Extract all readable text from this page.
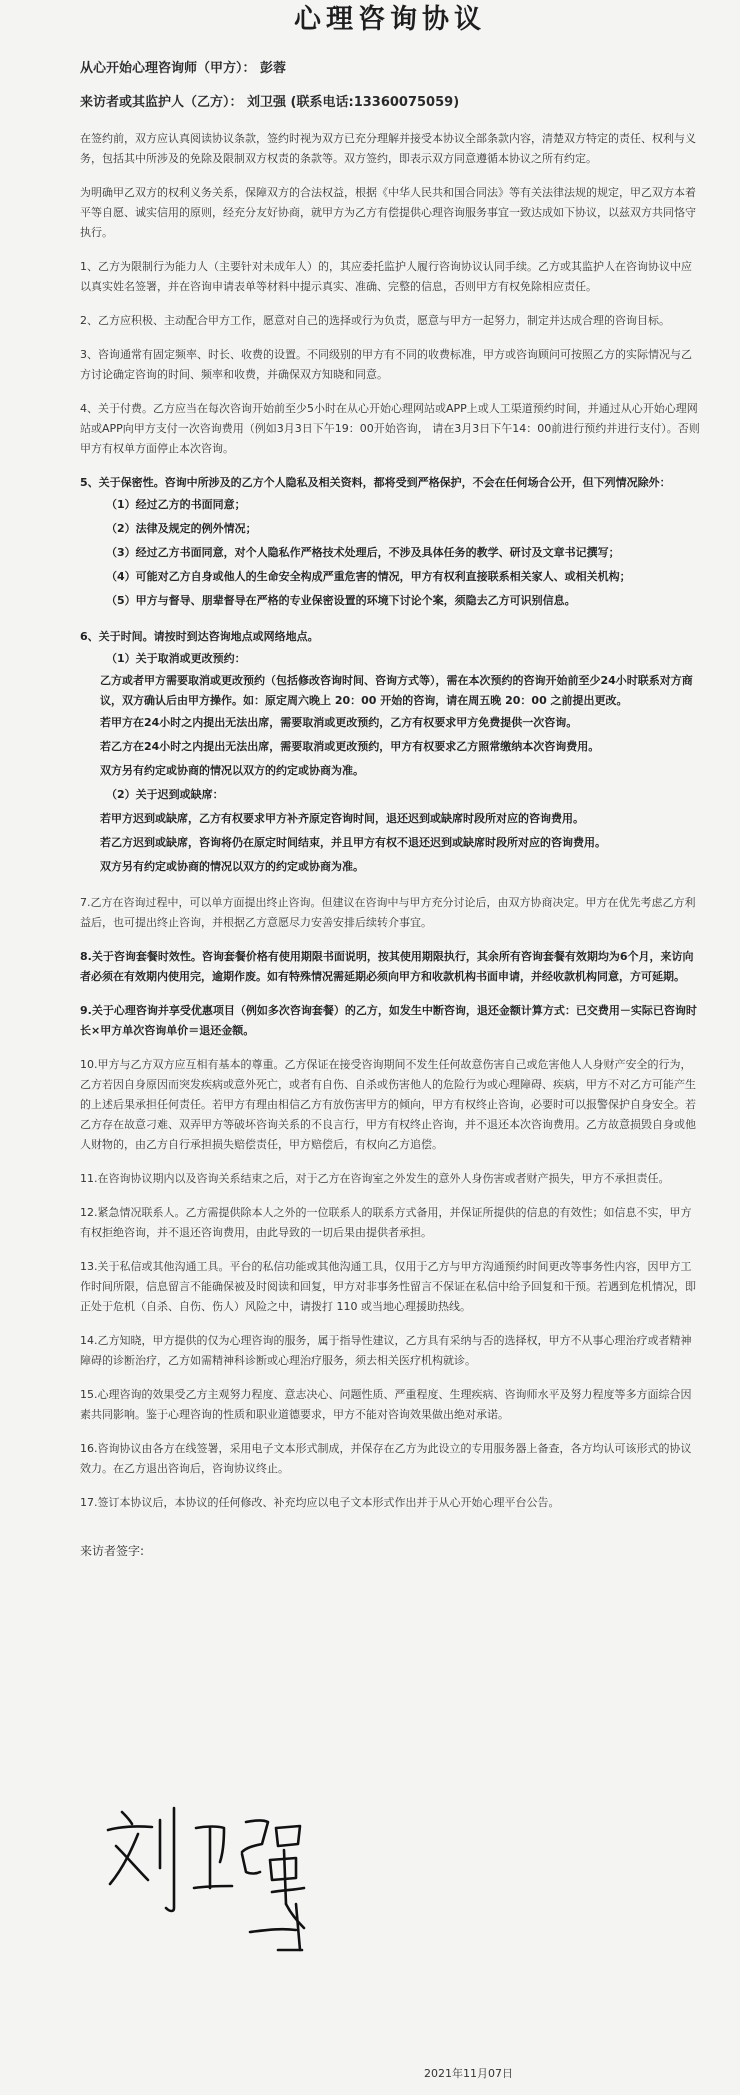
心理咨询协议

从心开始心理咨询师（甲方）： 彭蓉

来访者或其监护人（乙方）： 刘卫强 (联系电话:13360075059)

在签约前，双方应认真阅读协议条款，签约时视为双方已充分理解并接受本协议全部条款内容，清楚双方特定的责任、权利与义务，包括其中所涉及的免除及限制双方权责的条款等。双方签约，即表示双方同意遵循本协议之所有约定。

为明确甲乙双方的权利义务关系，保障双方的合法权益，根据《中华人民共和国合同法》等有关法律法规的规定，甲乙双方本着平等自愿、诚实信用的原则，经充分友好协商，就甲方为乙方有偿提供心理咨询服务事宜一致达成如下协议，以兹双方共同恪守执行。

1、乙方为限制行为能力人（主要针对未成年人）的，其应委托监护人履行咨询协议认同手续。乙方或其监护人在咨询协议中应以真实姓名签署，并在咨询申请表单等材料中提示真实、准确、完整的信息，否则甲方有权免除相应责任。

2、乙方应积极、主动配合甲方工作，愿意对自己的选择或行为负责，愿意与甲方一起努力，制定并达成合理的咨询目标。

3、咨询通常有固定频率、时长、收费的设置。不同级别的甲方有不同的收费标准，甲方或咨询顾问可按照乙方的实际情况与乙方讨论确定咨询的时间、频率和收费，并确保双方知晓和同意。

4、关于付费。乙方应当在每次咨询开始前至少5小时在从心开始心理网站或APP上或人工渠道预约时间，并通过从心开始心理网站或APP向甲方支付一次咨询费用（例如3月3日下午19：00开始咨询， 请在3月3日下午14：00前进行预约并进行支付）。否则甲方有权单方面停止本次咨询。

5、关于保密性。咨询中所涉及的乙方个人隐私及相关资料，都将受到严格保护，不会在任何场合公开，但下列情况除外：

（1）经过乙方的书面同意；

（2）法律及规定的例外情况；

（3）经过乙方书面同意，对个人隐私作严格技术处理后，不涉及具体任务的教学、研讨及文章书记撰写；

（4）可能对乙方自身或他人的生命安全构成严重危害的情况，甲方有权利直接联系相关家人、或相关机构；

（5）甲方与督导、朋辈督导在严格的专业保密设置的环境下讨论个案，须隐去乙方可识别信息。

6、关于时间。请按时到达咨询地点或网络地点。

（1）关于取消或更改预约：

乙方或者甲方需要取消或更改预约（包括修改咨询时间、咨询方式等），需在本次预约的咨询开始前至少24小时联系对方商议，双方确认后由甲方操作。如：原定周六晚上 20：00 开始的咨询，请在周五晚 20：00 之前提出更改。

若甲方在24小时之内提出无法出席，需要取消或更改预约，乙方有权要求甲方免费提供一次咨询。

若乙方在24小时之内提出无法出席，需要取消或更改预约，甲方有权要求乙方照常缴纳本次咨询费用。

双方另有约定或协商的情况以双方的约定或协商为准。

（2）关于迟到或缺席：

若甲方迟到或缺席，乙方有权要求甲方补齐原定咨询时间，退还迟到或缺席时段所对应的咨询费用。

若乙方迟到或缺席，咨询将仍在原定时间结束，并且甲方有权不退还迟到或缺席时段所对应的咨询费用。

双方另有约定或协商的情况以双方的约定或协商为准。

7.乙方在咨询过程中，可以单方面提出终止咨询。但建议在咨询中与甲方充分讨论后，由双方协商决定。甲方在优先考虑乙方利益后，也可提出终止咨询，并根据乙方意愿尽力安善安排后续转介事宜。

8.关于咨询套餐时效性。咨询套餐价格有使用期限书面说明，按其使用期限执行，其余所有咨询套餐有效期均为6个月，来访向者必须在有效期内使用完，逾期作废。如有特殊情况需延期必须向甲方和收款机构书面申请，并经收款机构同意，方可延期。

9.关于心理咨询并享受优惠项目（例如多次咨询套餐）的乙方，如发生中断咨询，退还金额计算方式：已交费用－实际已咨询时长×甲方单次咨询单价＝退还金额。

10.甲方与乙方双方应互相有基本的尊重。乙方保证在接受咨询期间不发生任何故意伤害自己或危害他人人身财产安全的行为，乙方若因自身原因而突发疾病或意外死亡，或者有自伤、自杀或伤害他人的危险行为或心理障碍、疾病，甲方不对乙方可能产生的上述后果承担任何责任。若甲方有理由相信乙方有放伤害甲方的倾向，甲方有权终止咨询，必要时可以报警保护自身安全。若乙方存在故意刁难、双弄甲方等破坏咨询关系的不良言行，甲方有权终止咨询，并不退还本次咨询费用。乙方故意损毁自身或他人财物的，由乙方自行承担损失赔偿责任，甲方赔偿后，有权向乙方追偿。

11.在咨询协议期内以及咨询关系结束之后，对于乙方在咨询室之外发生的意外人身伤害或者财产损失，甲方不承担责任。

12.紧急情况联系人。乙方需提供除本人之外的一位联系人的联系方式备用，并保证所提供的信息的有效性；如信息不实，甲方有权拒绝咨询，并不退还咨询费用，由此导致的一切后果由提供者承担。

13.关于私信或其他沟通工具。平台的私信功能或其他沟通工具，仅用于乙方与甲方沟通预约时间更改等事务性内容，因甲方工作时间所限，信息留言不能确保被及时阅读和回复，甲方对非事务性留言不保证在私信中给予回复和干预。若遇到危机情况，即正处于危机（自杀、自伤、伤人）风险之中，请拨打 110 或当地心理援助热线。

14.乙方知晓，甲方提供的仅为心理咨询的服务，属于指导性建议，乙方具有采纳与否的选择权，甲方不从事心理治疗或者精神障碍的诊断治疗，乙方如需精神科诊断或心理治疗服务，须去相关医疗机构就诊。

15.心理咨询的效果受乙方主观努力程度、意志决心、问题性质、严重程度、生理疾病、咨询师水平及努力程度等多方面综合因素共同影响。鉴于心理咨询的性质和职业道德要求，甲方不能对咨询效果做出绝对承诺。

16.咨询协议由各方在线签署，采用电子文本形式制成，并保存在乙方为此设立的专用服务器上备查，各方均认可该形式的协议效力。在乙方退出咨询后，咨询协议终止。

17.签订本协议后，本协议的任何修改、补充均应以电子文本形式作出并于从心开始心理平台公告。

来访者签字:

2021年11月07日
